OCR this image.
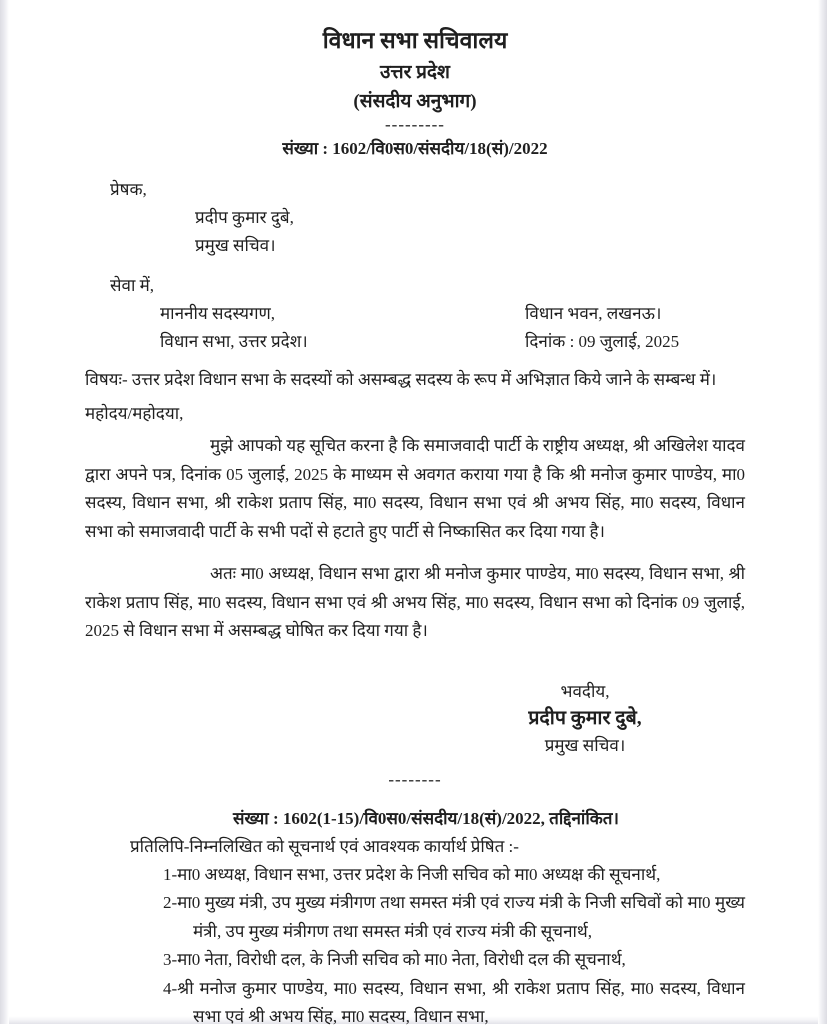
विधान सभा सचिवालय
उत्तर प्रदेश
(संसदीय अनुभाग)
---------
संख्या : 1602/वि0स0/संसदीय/18(सं)/2022
प्रेषक,
प्रदीप कुमार दुबे,
प्रमुख सचिव।
सेवा में,
माननीय सदस्यगण,	विधान भवन, लखनऊ।
विधान सभा, उत्तर प्रदेश।	दिनांक : 09 जुलाई, 2025
विषयः- उत्तर प्रदेश विधान सभा के सदस्यों को असम्बद्ध सदस्य के रूप में अभिज्ञात किये जाने के सम्बन्ध में।
महोदय/महोदया,

मुझे आपको यह सूचित करना है कि समाजवादी पार्टी के राष्ट्रीय अध्यक्ष, श्री अखिलेश यादव द्वारा अपने पत्र, दिनांक 05 जुलाई, 2025 के माध्यम से अवगत कराया गया है कि श्री मनोज कुमार पाण्डेय, मा0 सदस्य, विधान सभा, श्री राकेश प्रताप सिंह, मा0 सदस्य, विधान सभा एवं श्री अभय सिंह, मा0 सदस्य, विधान सभा को समाजवादी पार्टी के सभी पदों से हटाते हुए पार्टी से निष्कासित कर दिया गया है।

अतः मा0 अध्यक्ष, विधान सभा द्वारा श्री मनोज कुमार पाण्डेय, मा0 सदस्य, विधान सभा, श्री राकेश प्रताप सिंह, मा0 सदस्य, विधान सभा एवं श्री अभय सिंह, मा0 सदस्य, विधान सभा को दिनांक 09 जुलाई, 2025 से विधान सभा में असम्बद्ध घोषित कर दिया गया है।

भवदीय,
प्रदीप कुमार दुबे,
प्रमुख सचिव।
--------
संख्या : 1602(1-15)/वि0स0/संसदीय/18(सं)/2022, तद्दिनांकित।
प्रतिलिपि-निम्नलिखित को सूचनार्थ एवं आवश्यक कार्यार्थ प्रेषित :-
1-मा0 अध्यक्ष, विधान सभा, उत्तर प्रदेश के निजी सचिव को मा0 अध्यक्ष की सूचनार्थ,
2-मा0 मुख्य मंत्री, उप मुख्य मंत्रीगण तथा समस्त मंत्री एवं राज्य मंत्री के निजी सचिवों को मा0 मुख्य मंत्री, उप मुख्य मंत्रीगण तथा समस्त मंत्री एवं राज्य मंत्री की सूचनार्थ,
3-मा0 नेता, विरोधी दल, के निजी सचिव को मा0 नेता, विरोधी दल की सूचनार्थ,
4-श्री मनोज कुमार पाण्डेय, मा0 सदस्य, विधान सभा, श्री राकेश प्रताप सिंह, मा0 सदस्य, विधान सभा एवं श्री अभय सिंह, मा0 सदस्य, विधान सभा,
